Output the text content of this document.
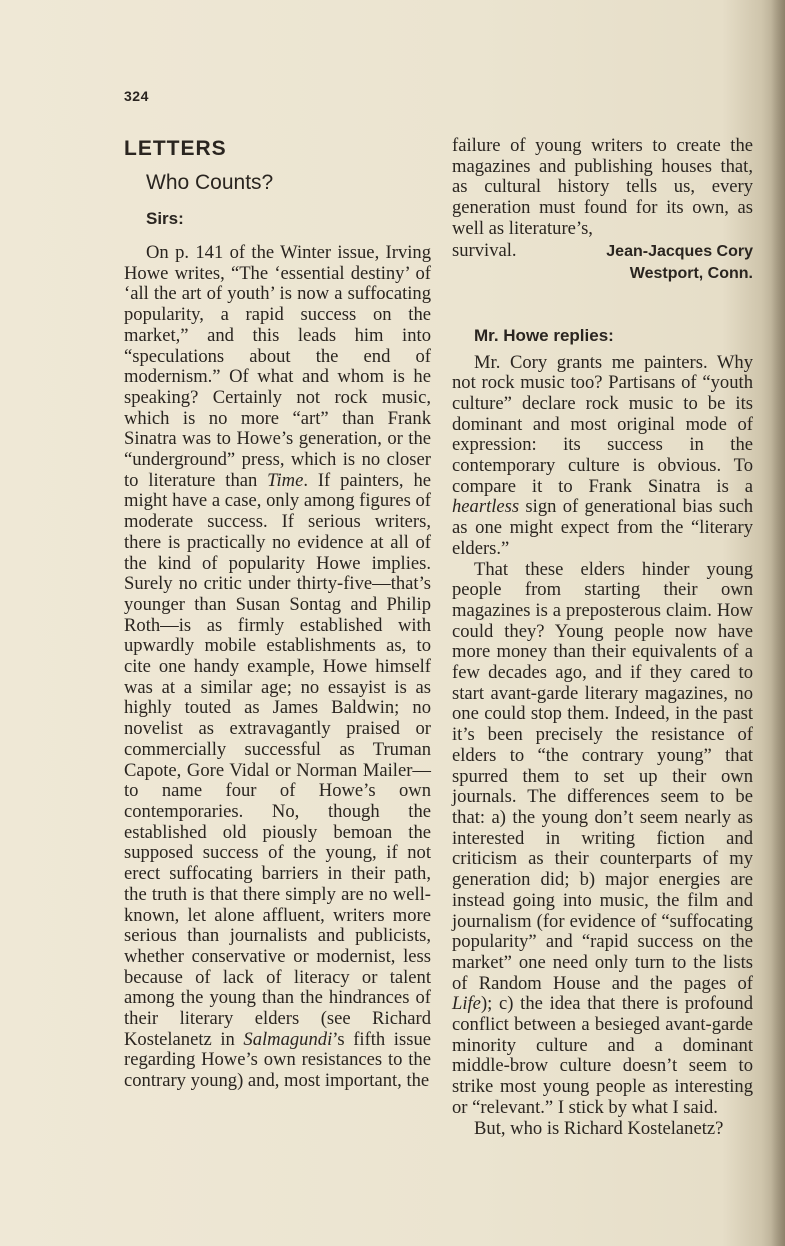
324
LETTERS
Who Counts?
Sirs:

On p. 141 of the Winter issue, Irving Howe writes, “The ‘essential destiny’ of ‘all the art of youth’ is now a suffocating popularity, a rapid success on the market,” and this leads him into “speculations about the end of modernism.” Of what and whom is he speaking? Certainly not rock music, which is no more “art” than Frank Sinatra was to Howe’s generation, or the “underground” press, which is no closer to literature than Time. If painters, he might have a case, only among figures of moderate success. If serious writers, there is practically no evidence at all of the kind of popularity Howe implies. Surely no critic under thirty-five—that’s younger than Susan Sontag and Philip Roth—is as firmly established with upwardly mobile establishments as, to cite one handy example, Howe himself was at a similar age; no essayist is as highly touted as James Baldwin; no novelist as extravagantly praised or commercially successful as Truman Capote, Gore Vidal or Norman Mailer—to name four of Howe’s own contemporaries. No, though the established old piously bemoan the supposed success of the young, if not erect suffocating barriers in their path, the truth is that there simply are no well-known, let alone affluent, writers more serious than journalists and publicists, whether conservative or modernist, less because of lack of literacy or talent among the young than the hindrances of their literary elders (see Richard Kostelanetz in Salmagundi’s fifth issue regarding Howe’s own resistances to the contrary young) and, most important, the

failure of young writers to create the magazines and publishing houses that, as cultural history tells us, every generation must found for its own, as well as literature’s,

survival.	Jean-Jacques Cory
Westport, Conn.
Mr. Howe replies:

Mr. Cory grants me painters. Why not rock music too? Partisans of “youth culture” declare rock music to be its dominant and most original mode of expression: its success in the contemporary culture is obvious. To compare it to Frank Sinatra is a heartless sign of generational bias such as one might expect from the “literary elders.”

That these elders hinder young people from starting their own magazines is a preposterous claim. How could they? Young people now have more money than their equivalents of a few decades ago, and if they cared to start avant-garde literary magazines, no one could stop them. Indeed, in the past it’s been precisely the resistance of elders to “the contrary young” that spurred them to set up their own journals. The differences seem to be that: a) the young don’t seem nearly as interested in writing fiction and criticism as their counterparts of my generation did; b) major energies are instead going into music, the film and journalism (for evidence of “suffocating popularity” and “rapid success on the market” one need only turn to the lists of Random House and the pages of Life); c) the idea that there is profound conflict between a besieged avant-garde minority culture and a dominant middle-brow culture doesn’t seem to strike most young people as interesting or “relevant.” I stick by what I said.

But, who is Richard Kostelanetz?
